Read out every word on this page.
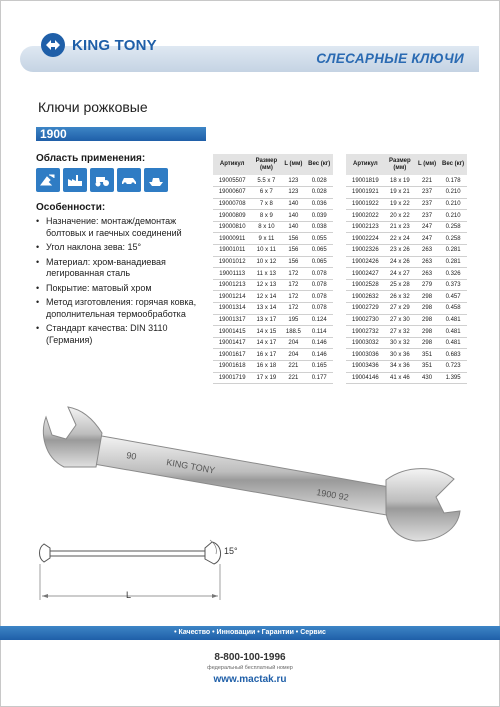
KING TONY
СЛЕСАРНЫЕ КЛЮЧИ
Ключи рожковые
1900
Область применения:
Особенности:
• Назначение: монтаж/демонтаж болтовых и гаечных соединений
• Угол наклона зева: 15°
• Материал: хром-ванадиевая легированная сталь
• Покрытие: матовый хром
• Метод изготовления: горячая ковка, дополнительная термообработка
• Стандарт качества: DIN 3110 (Германия)
Артикул	Размер (мм)	L (мм)	Вес (кг)
19005507	5.5 x 7	123	0.028
19000607	6 x 7	123	0.028
19000708	7 x 8	140	0.036
19000809	8 x 9	140	0.039
19000810	8 x 10	140	0.038
19000911	9 x 11	156	0.055
19001011	10 x 11	156	0.065
19001012	10 x 12	156	0.065
19001113	11 x 13	172	0.078
19001213	12 x 13	172	0.078
19001214	12 x 14	172	0.078
19001314	13 x 14	172	0.078
19001317	13 x 17	195	0.124
19001415	14 x 15	188.5	0.114
19001417	14 x 17	204	0.146
19001617	16 x 17	204	0.146
19001618	16 x 18	221	0.165
19001719	17 x 19	221	0.177
Артикул	Размер (мм)	L (мм)	Вес (кг)
19001819	18 x 19	221	0.178
19001921	19 x 21	237	0.210
19001922	19 x 22	237	0.210
19002022	20 x 22	237	0.210
19002123	21 x 23	247	0.258
19002224	22 x 24	247	0.258
19002326	23 x 26	263	0.281
19002426	24 x 26	263	0.281
19002427	24 x 27	263	0.326
19002528	25 x 28	279	0.373
19002632	26 x 32	298	0.457
19002729	27 x 29	298	0.458
19002730	27 x 30	298	0.481
19002732	27 x 32	298	0.481
19003032	30 x 32	298	0.481
19003036	30 x 36	351	0.683
19003436	34 x 36	351	0.723
19004146	41 x 46	430	1.395
90
KING TONY
1900 92
15°
L
• Качество • Инновации • Гарантии • Сервис
8-800-100-1996
федеральный бесплатный номер
www.mactak.ru
